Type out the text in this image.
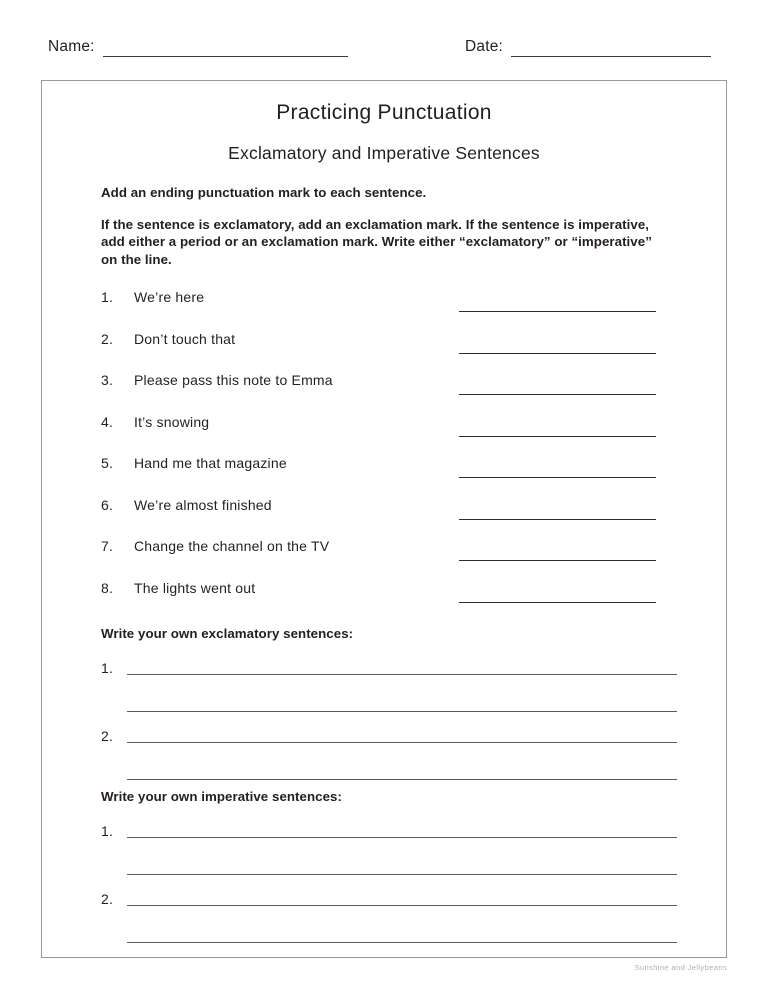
Name:	Date:
Practicing Punctuation
Exclamatory and Imperative Sentences
Add an ending punctuation mark to each sentence.
If the sentence is exclamatory, add an exclamation mark. If the sentence is imperative, add either a period or an exclamation mark. Write either “exclamatory” or “imperative” on the line.
1.	We’re here
2.	Don’t touch that
3.	Please pass this note to Emma
4.	It’s snowing
5.	Hand me that magazine
6.	We’re almost finished
7.	Change the channel on the TV
8.	The lights went out
Write your own exclamatory sentences:
1.
2.
Write your own imperative sentences:
1.
2.
Sunshine and Jellybeans
